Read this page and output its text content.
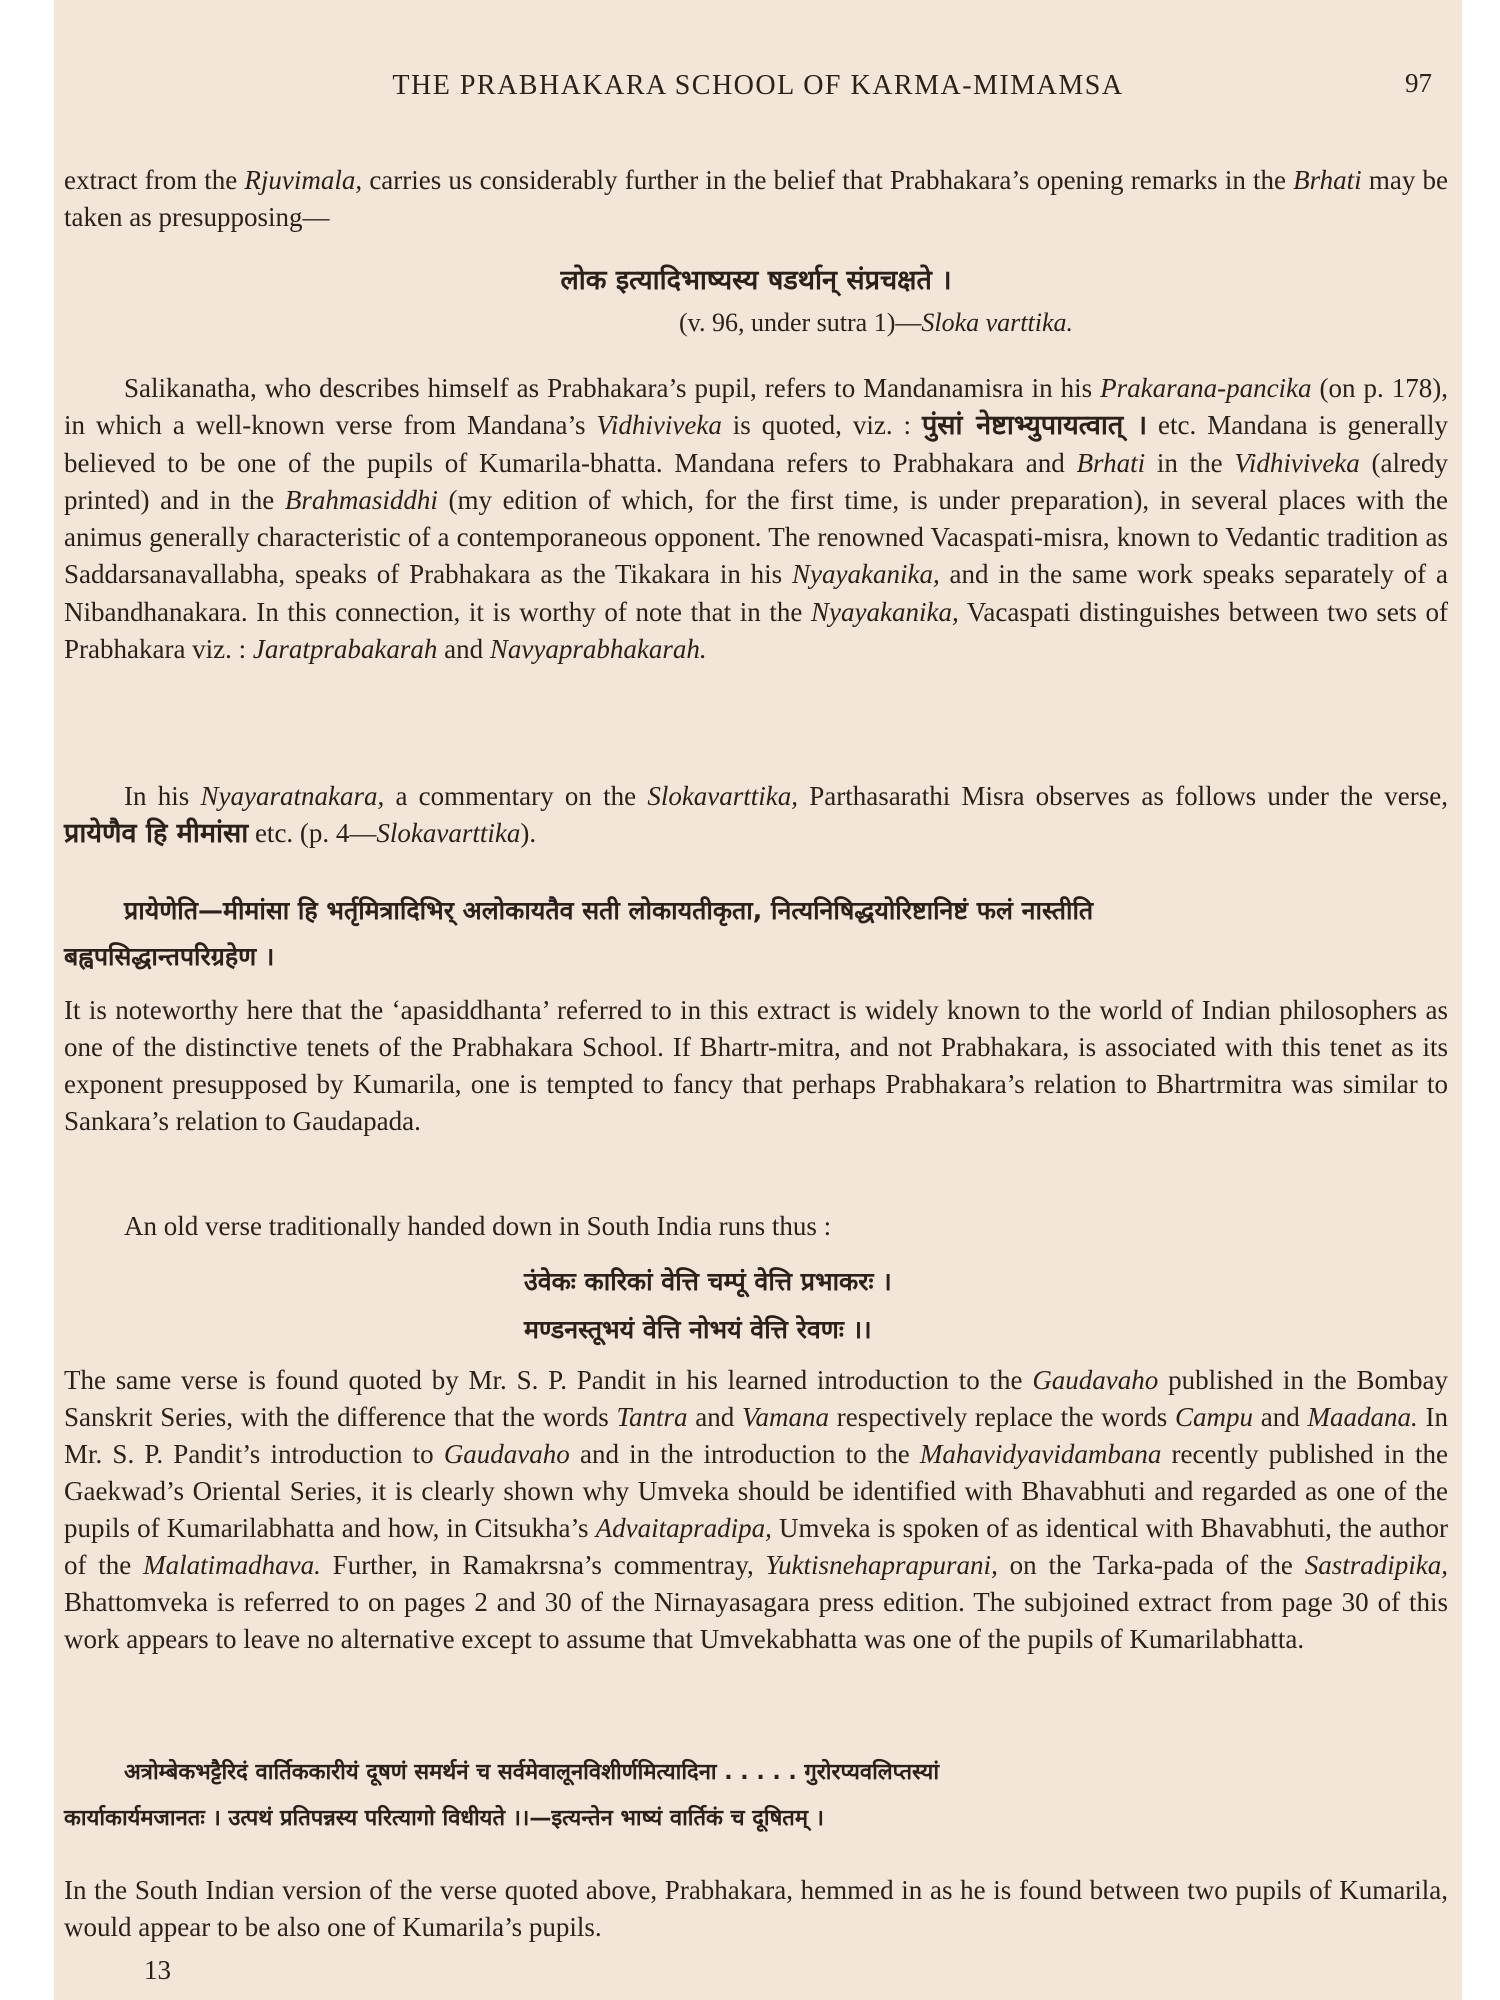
THE PRABHAKARA SCHOOL OF KARMA-MIMAMSA	97
extract from the Rjuvimala, carries us considerably further in the belief that Prabhakara’s opening remarks in the Brhati may be taken as presupposing—
लोक इत्यादिभाष्यस्य षडर्थान् संप्रचक्षते ।
(v. 96, under sutra 1)—Sloka varttika.
Salikanatha, who describes himself as Prabhakara’s pupil, refers to Mandanamisra in his Prakarana-pancika (on p. 178), in which a well-known verse from Mandana’s Vidhiviveka is quoted, viz. : पुंसां नेष्टाभ्युपायत्वात् । etc. Mandana is generally believed to be one of the pupils of Kumarila-bhatta. Mandana refers to Prabhakara and Brhati in the Vidhiviveka (alredy printed) and in the Brahmasiddhi (my edition of which, for the first time, is under preparation), in several places with the animus generally characteristic of a contemporaneous opponent. The renowned Vacaspati-misra, known to Vedantic tradition as Saddarsanavallabha, speaks of Prabhakara as the Tikakara in his Nyayakanika, and in the same work speaks separately of a Nibandhanakara. In this connection, it is worthy of note that in the Nyayakanika, Vacaspati distinguishes between two sets of Prabhakara viz. : Jaratprabakarah and Navyaprabhakarah.
In his Nyayaratnakara, a commentary on the Slokavarttika, Parthasarathi Misra observes as follows under the verse, प्रायेणैव हि मीमांसा etc. (p. 4—Slokavarttika).
प्रायेणेति—मीमांसा हि भर्तृमित्रादिभिर् अलोकायतैव सती लोकायतीकृता, नित्यनिषिद्धयोरिष्टानिष्टं फलं नास्तीति
बह्वपसिद्धान्तपरिग्रहेण ।
It is noteworthy here that the ‘apasiddhanta’ referred to in this extract is widely known to the world of Indian philosophers as one of the distinctive tenets of the Prabhakara School. If Bhartr-mitra, and not Prabhakara, is associated with this tenet as its exponent presupposed by Kumarila, one is tempted to fancy that perhaps Prabhakara’s relation to Bhartrmitra was similar to Sankara’s relation to Gaudapada.
An old verse traditionally handed down in South India runs thus :
उंवेकः कारिकां वेत्ति चम्पूं वेत्ति प्रभाकरः ।
मण्डनस्तूभयं वेत्ति नोभयं वेत्ति रेवणः ।।
The same verse is found quoted by Mr. S. P. Pandit in his learned introduction to the Gaudavaho published in the Bombay Sanskrit Series, with the difference that the words Tantra and Vamana respectively replace the words Campu and Maadana. In Mr. S. P. Pandit’s introduction to Gaudavaho and in the introduction to the Mahavidyavidambana recently published in the Gaekwad’s Oriental Series, it is clearly shown why Umveka should be identified with Bhavabhuti and regarded as one of the pupils of Kumarilabhatta and how, in Citsukha’s Advaitapradipa, Umveka is spoken of as identical with Bhavabhuti, the author of the Malatimadhava. Further, in Ramakrsna’s commentray, Yuktisnehaprapurani, on the Tarka-pada of the Sastradipika, Bhattomveka is referred to on pages 2 and 30 of the Nirnayasagara press edition. The subjoined extract from page 30 of this work appears to leave no alternative except to assume that Umvekabhatta was one of the pupils of Kumarilabhatta.
अत्रोम्बेकभट्टैरिदं वार्तिककारीयं दूषणं समर्थनं च सर्वमेवालूनविशीर्णमित्यादिना . . . . . गुरोरप्यवलिप्तस्यां
कार्याकार्यमजानतः । उत्पथं प्रतिपन्नस्य परित्यागो विधीयते ।।—इत्यन्तेन भाष्यं वार्तिकं च दूषितम् ।
In the South Indian version of the verse quoted above, Prabhakara, hemmed in as he is found between two pupils of Kumarila, would appear to be also one of Kumarila’s pupils.
13
